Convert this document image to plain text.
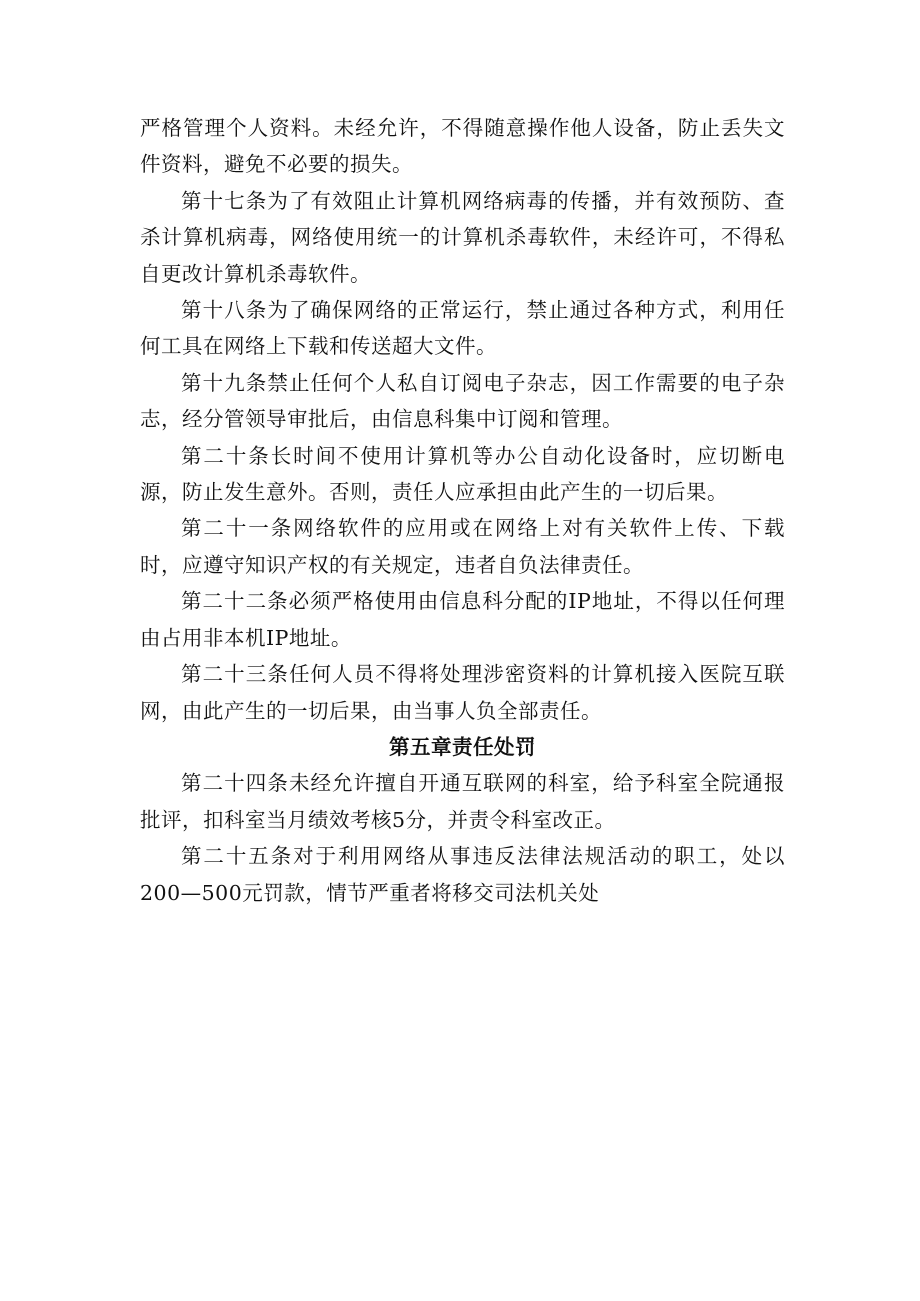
严格管理个人资料。未经允许，不得随意操作他人设备，防止丢失文件资料，避免不必要的损失。

第十七条为了有效阻止计算机网络病毒的传播，并有效预防、查杀计算机病毒，网络使用统一的计算机杀毒软件，未经许可，不得私自更改计算机杀毒软件。

第十八条为了确保网络的正常运行，禁止通过各种方式，利用任何工具在网络上下载和传送超大文件。

第十九条禁止任何个人私自订阅电子杂志，因工作需要的电子杂志，经分管领导审批后，由信息科集中订阅和管理。

第二十条长时间不使用计算机等办公自动化设备时，应切断电源，防止发生意外。否则，责任人应承担由此产生的一切后果。

第二十一条网络软件的应用或在网络上对有关软件上传、下载时，应遵守知识产权的有关规定，违者自负法律责任。

第二十二条必须严格使用由信息科分配的IP地址，不得以任何理由占用非本机IP地址。

第二十三条任何人员不得将处理涉密资料的计算机接入医院互联网，由此产生的一切后果，由当事人负全部责任。

第五章责任处罚

第二十四条未经允许擅自开通互联网的科室，给予科室全院通报批评，扣科室当月绩效考核5分，并责令科室改正。

第二十五条对于利用网络从事违反法律法规活动的职工，处以200—500元罚款，情节严重者将移交司法机关处
